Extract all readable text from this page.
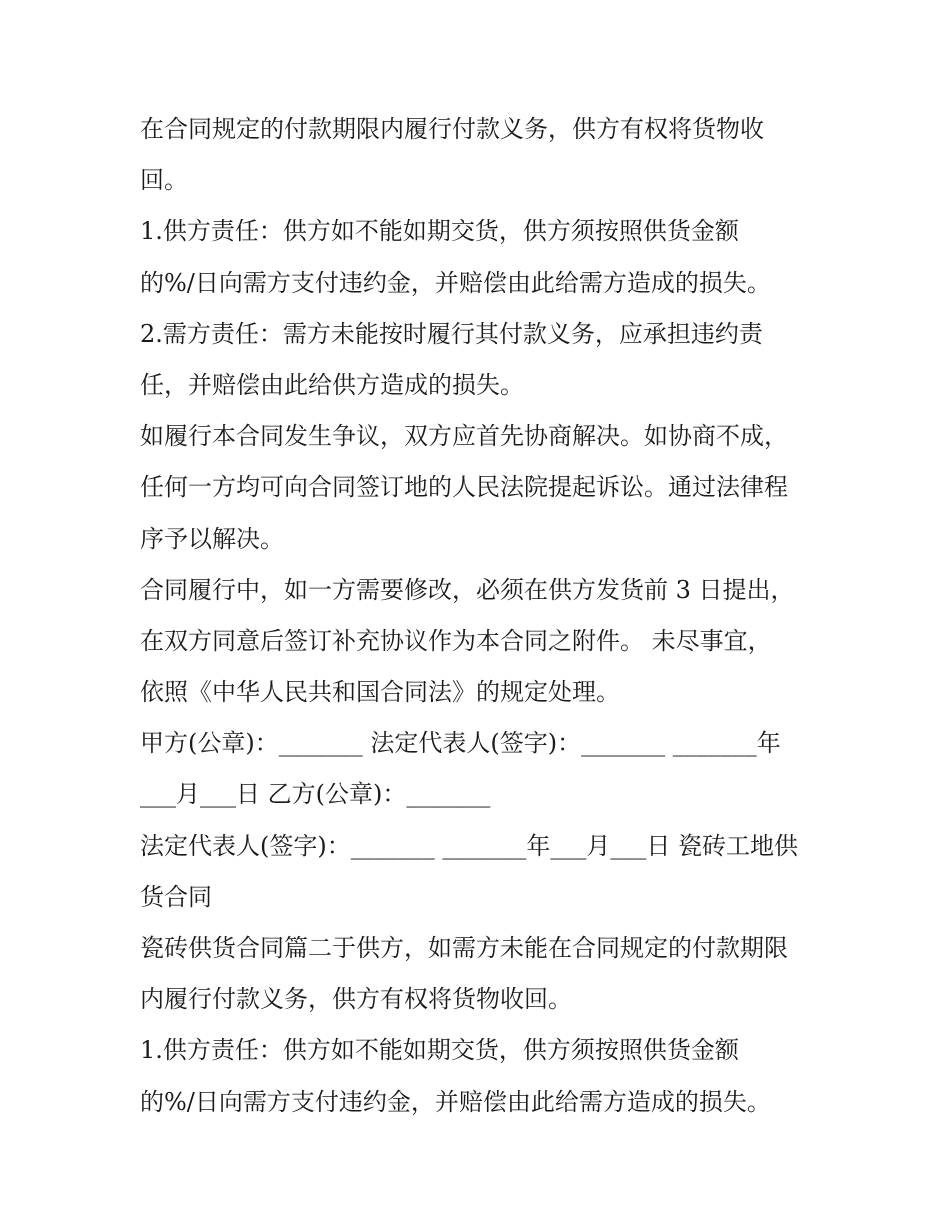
在合同规定的付款期限内履行付款义务，供方有权将货物收
回。
1.供方责任：供方如不能如期交货，供方须按照供货金额
的%/日向需方支付违约金，并赔偿由此给需方造成的损失。
2.需方责任：需方未能按时履行其付款义务，应承担违约责
任，并赔偿由此给供方造成的损失。
如履行本合同发生争议，双方应首先协商解决。如协商不成，
任何一方均可向合同签订地的人民法院提起诉讼。通过法律程
序予以解决。
合同履行中，如一方需要修改，必须在供方发货前 3 日提出，
在双方同意后签订补充协议作为本合同之附件。 未尽事宜，
依照《中华人民共和国合同法》的规定处理。
甲方(公章)：_______ 法定代表人(签字)：_______ _______年
___月___日 乙方(公章)：_______
法定代表人(签字)：_______ _______年___月___日 瓷砖工地供
货合同
瓷砖供货合同篇二于供方，如需方未能在合同规定的付款期限
内履行付款义务，供方有权将货物收回。
1.供方责任：供方如不能如期交货，供方须按照供货金额
的%/日向需方支付违约金，并赔偿由此给需方造成的损失。
